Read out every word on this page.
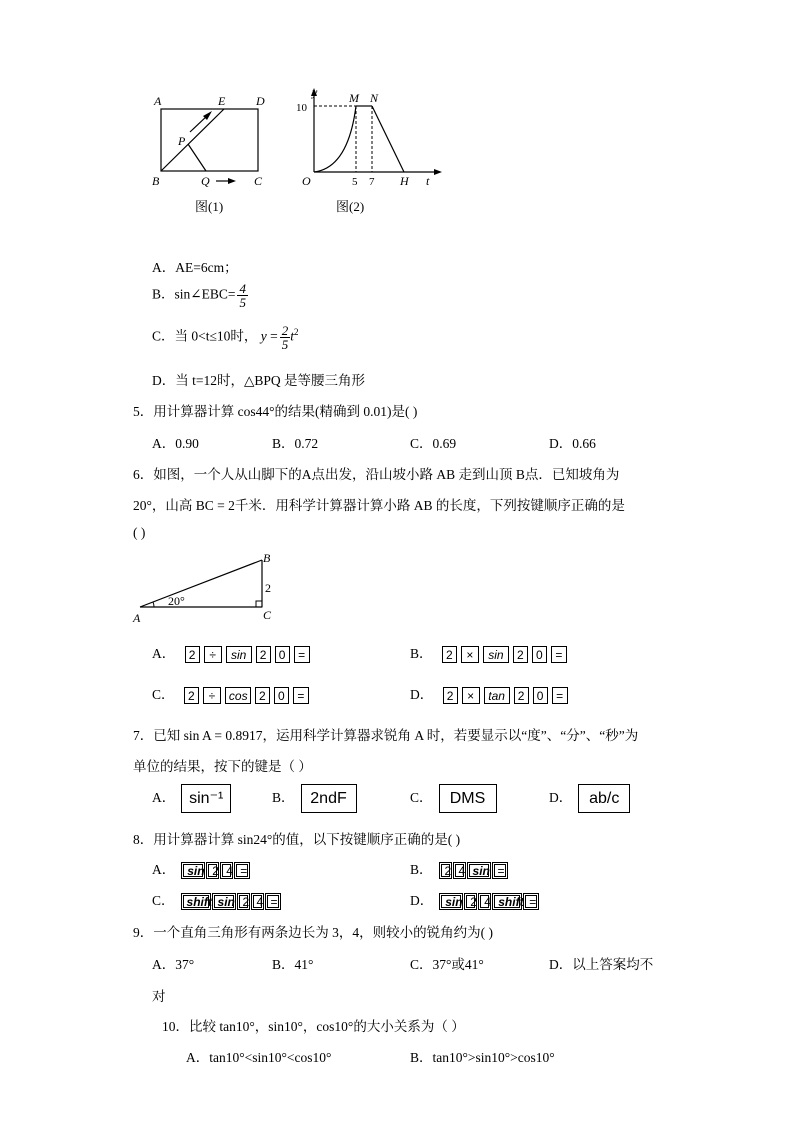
A	E	D
P
B	Q	C
图(1)
y
10
M N
O	5 7 H t
图(2)
A．AE=6cm；
B．sin∠EBC= $\frac{4}{5}$
C．当 0<t≤10时， $y = \frac{2}{5} t^2$
D．当 t=12时，△BPQ 是等腰三角形
5．用计算器计算 cos44°的结果(精确到 0.01)是( )
A．0.90	B．0.72	C．0.69	D．0.66
6．如图，一个人从山脚下的A点出发，沿山坡小路 AB 走到山顶 B点．已知坡角为
20°，山高 BC = 2千米．用科学计算器计算小路 AB 的长度，下列按键顺序正确的是
( )
B
A	C
2
20°
A． 2 ÷ sin 2 0 =	B． 2 × sin 2 0 =
C． 2 ÷ cos 2 0 =	D． 2 × tan 2 0 =
7．已知 sin A = 0.8917，运用科学计算器求锐角 A 时，若要显示以“度”、“分”、“秒”为
单位的结果，按下的键是（ ）
A． sin⁻¹	B． 2ndF	C． DMS	D． ab/c
8．用计算器计算 sin24°的值，以下按键顺序正确的是( )
A． sin 2 4 =	B． 2 4 sin =
C． shift sin 2 4 =	D． sin 2 4 shift =
9．一个直角三角形有两条边长为 3，4，则较小的锐角约为( )
A．37°	B．41°	C．37°或41°	D．以上答案均不
对
10．比较 tan10°，sin10°，cos10°的大小关系为（ ）
A．tan10°<sin10°<cos10°	B．tan10°>sin10°>cos10°
